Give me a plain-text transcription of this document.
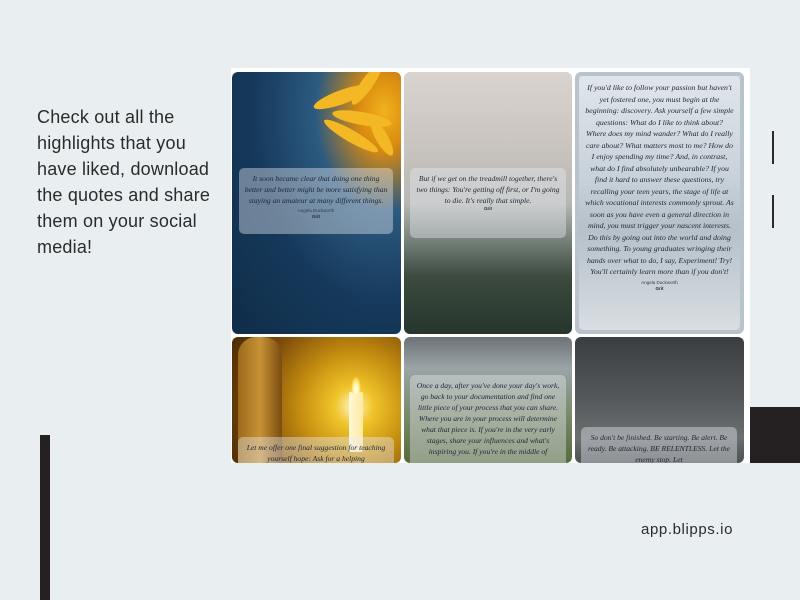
Check out all the highlights that you have liked, download the quotes and share them on your social media!
It soon became clear that doing one thing better and better might be more satisfying than staying an amateur at many different things.
Angela Duckworth
Grit
But if we get on the treadmill together, there's two things: You're getting off first, or I'm going to die. It's really that simple.
Grit
If you'd like to follow your passion but haven't yet fostered one, you must begin at the beginning: discovery. Ask yourself a few simple questions: What do I like to think about? Where does my mind wander? What do I really care about? What matters most to me? How do I enjoy spending my time? And, in contrast, what do I find absolutely unbearable? If you find it hard to answer these questions, try recalling your teen years, the stage of life at which vocational interests commonly sprout. As soon as you have even a general direction in mind, you must trigger your nascent interests. Do this by going out into the world and doing something. To young graduates wringing their hands over what to do, I say, Experiment! Try! You'll certainly learn more than if you don't!
Angela Duckworth
Grit
Let me offer one final suggestion for teaching yourself hope: Ask for a helping
Once a day, after you've done your day's work, go back to your documentation and find one little piece of your process that you can share. Where you are in your process will determine what that piece is. If you're in the very early stages, share your influences and what's inspiring you. If you're in the middle of
So don't be finished. Be starting. Be alert. Be ready. Be attacking. BE RELENTLESS. Let the enemy stop. Let
app.blipps.io
